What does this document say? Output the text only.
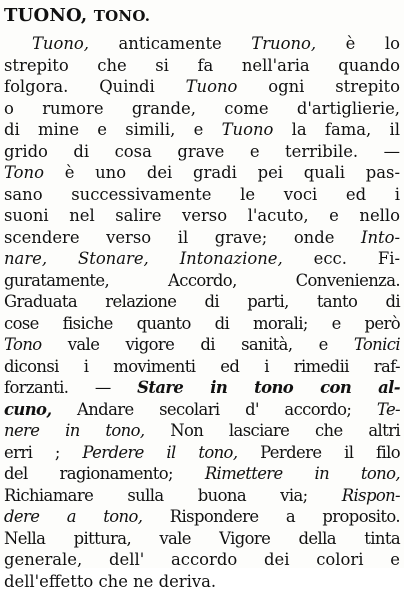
TUONO, TONO.
Tuono, anticamente Truono, è lo
strepito che si fa nell'aria quando
folgora. Quindi Tuono ogni strepito
o rumore grande, come d'artiglierie,
di mine e simili, e Tuono la fama, il
grido di cosa grave e terribile. —
Tono è uno dei gradi pei quali pas-
sano successivamente le voci ed i
suoni nel salire verso l'acuto, e nello
scendere verso il grave; onde Into-
nare, Stonare, Intonazione, ecc. Fi-
guratamente, Accordo, Convenienza.
Graduata relazione di parti, tanto di
cose fisiche quanto di morali; e però
Tono vale vigore di sanità, e Tonici
diconsi i movimenti ed i rimedii raf-
forzanti. — Stare in tono con al-
cuno, Andare secolari d' accordo; Te-
nere in tono, Non lasciare che altri
erri ; Perdere il tono, Perdere il filo
del ragionamento; Rimettere in tono,
Richiamare sulla buona via; Rispon-
dere a tono, Rispondere a proposito.
Nella pittura, vale Vigore della tinta
generale, dell' accordo dei colori e
dell'effetto che ne deriva.
